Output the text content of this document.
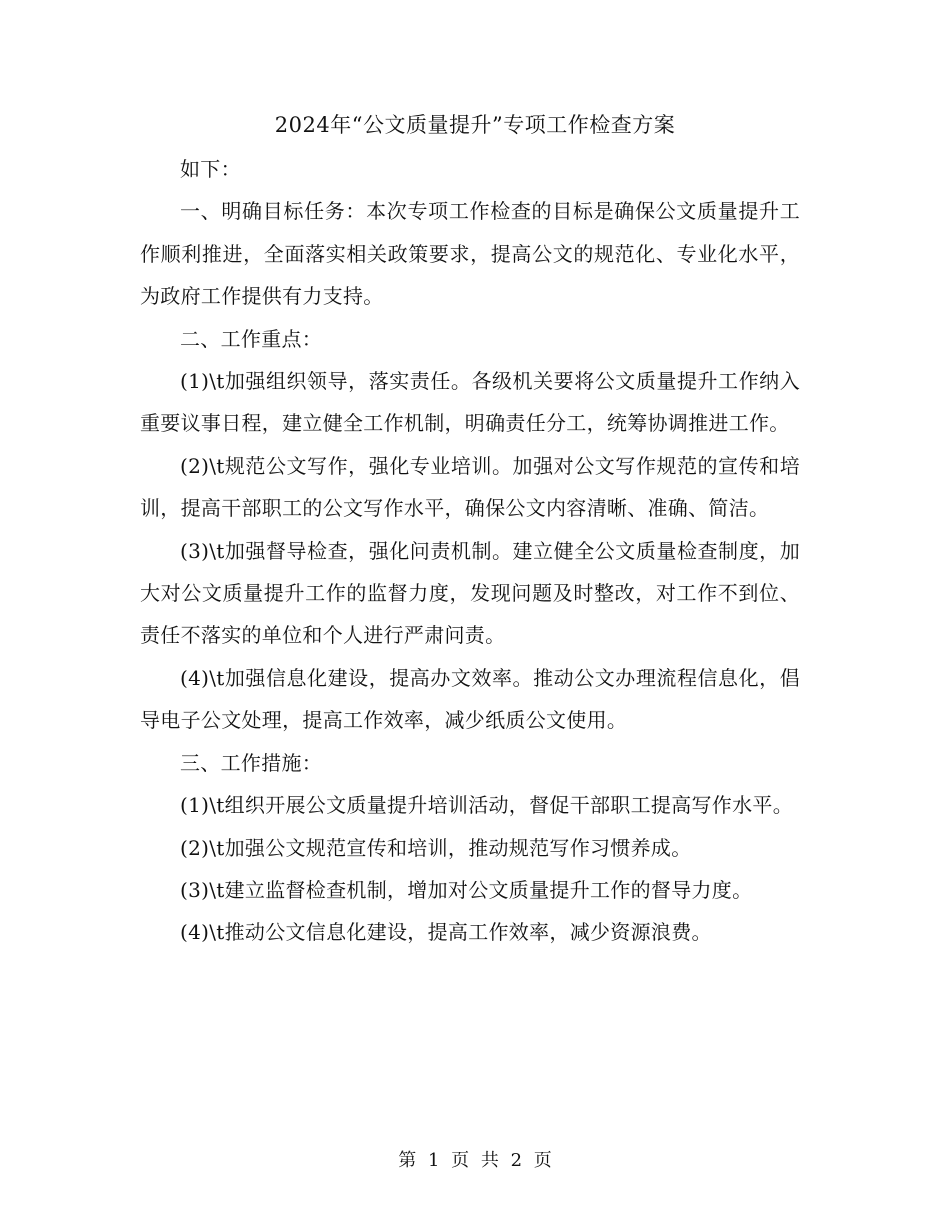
2024年“公文质量提升”专项工作检查方案

如下：

一、明确目标任务：本次专项工作检查的目标是确保公文质量提升工作顺利推进，全面落实相关政策要求，提高公文的规范化、专业化水平，为政府工作提供有力支持。

二、工作重点：

(1)\t加强组织领导，落实责任。各级机关要将公文质量提升工作纳入重要议事日程，建立健全工作机制，明确责任分工，统筹协调推进工作。

(2)\t规范公文写作，强化专业培训。加强对公文写作规范的宣传和培训，提高干部职工的公文写作水平，确保公文内容清晰、准确、简洁。

(3)\t加强督导检查，强化问责机制。建立健全公文质量检查制度，加大对公文质量提升工作的监督力度，发现问题及时整改，对工作不到位、责任不落实的单位和个人进行严肃问责。

(4)\t加强信息化建设，提高办文效率。推动公文办理流程信息化，倡导电子公文处理，提高工作效率，减少纸质公文使用。

三、工作措施：

(1)\t组织开展公文质量提升培训活动，督促干部职工提高写作水平。

(2)\t加强公文规范宣传和培训，推动规范写作习惯养成。

(3)\t建立监督检查机制，增加对公文质量提升工作的督导力度。

(4)\t推动公文信息化建设，提高工作效率，减少资源浪费。

第 1 页 共 2 页
